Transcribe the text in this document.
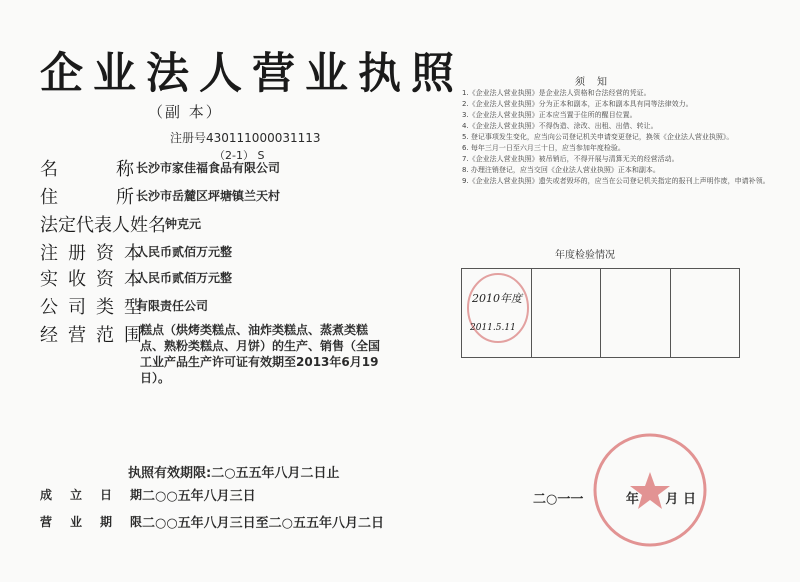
企业法人营业执照
（副 本）
注册号430111000031113
（2-1） S
名	称 长沙市家佳福食品有限公司
住	所 长沙市岳麓区坪塘镇兰天村
法定代表人姓名 钟克元
注册资本
人民币贰佰万元整
实收资本
人民币贰佰万元整
公司类型
有限责任公司
经营范围
糕点（烘烤类糕点、油炸类糕点、蒸煮类糕点、熟粉类糕点、月饼）的生产、销售（全国工业产品生产许可证有效期至2013年6月19日）。
执照有效期限:二○五五年八月二日止
成立日期
二○○五年八月三日
营业期限
二○○五年八月三日至二○五五年八月二日
须知
1.《企业法人营业执照》是企业法人资格和合法经营的凭证。
2.《企业法人营业执照》分为正本和副本，正本和副本具有同等法律效力。
3.《企业法人营业执照》正本应当置于住所的醒目位置。
4.《企业法人营业执照》不得伪造、涂改、出租、出借、转让。
5. 登记事项发生变化，应当向公司登记机关申请变更登记，换领《企业法人营业执照》。
6. 每年三月一日至六月三十日，应当参加年度检验。
7.《企业法人营业执照》被吊销后，不得开展与清算无关的经营活动。
8. 办理注销登记，应当交回《企业法人营业执照》正本和副本。
9.《企业法人营业执照》遗失或者毁坏的，应当在公司登记机关指定的报刊上声明作废，申请补领。
年度检验情况
2010年度
2011.5.11
二○一一	年 月 日
